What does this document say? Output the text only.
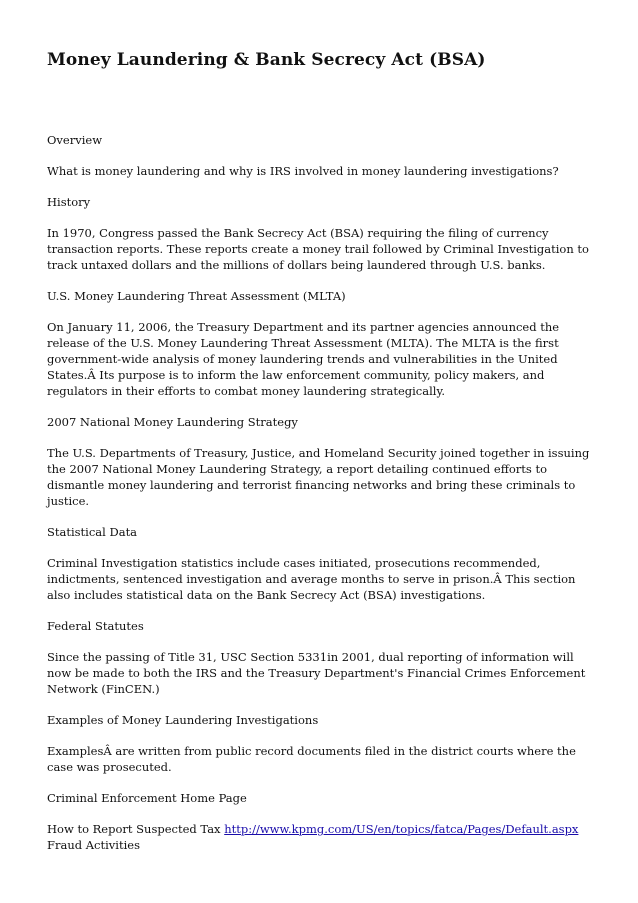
Money Laundering & Bank Secrecy Act (BSA)

Overview

What is money laundering and why is IRS involved in money laundering investigations?

History

In 1970, Congress passed the Bank Secrecy Act (BSA) requiring the filing of currency transaction reports. These reports create a money trail followed by Criminal Investigation to track untaxed dollars and the millions of dollars being laundered through U.S. banks.

U.S. Money Laundering Threat Assessment (MLTA)

On January 11, 2006, the Treasury Department and its partner agencies announced the release of the U.S. Money Laundering Threat Assessment (MLTA). The MLTA is the first government-wide analysis of money laundering trends and vulnerabilities in the United States.Â Its purpose is to inform the law enforcement community, policy makers, and regulators in their efforts to combat money laundering strategically.

2007 National Money Laundering Strategy

The U.S. Departments of Treasury, Justice, and Homeland Security joined together in issuing the 2007 National Money Laundering Strategy, a report detailing continued efforts to dismantle money laundering and terrorist financing networks and bring these criminals to justice.

Statistical Data

Criminal Investigation statistics include cases initiated, prosecutions recommended, indictments, sentenced investigation and average months to serve in prison.Â This section also includes statistical data on the Bank Secrecy Act (BSA) investigations.

Federal Statutes

Since the passing of Title 31, USC Section 5331in 2001, dual reporting of information will now be made to both the IRS and the Treasury Department's Financial Crimes Enforcement Network (FinCEN.)

Examples of Money Laundering Investigations

ExamplesÂ are written from public record documents filed in the district courts where the case was prosecuted.

Criminal Enforcement Home Page

How to Report Suspected Tax http://www.kpmg.com/US/en/topics/fatca/Pages/Default.aspx Fraud Activities
